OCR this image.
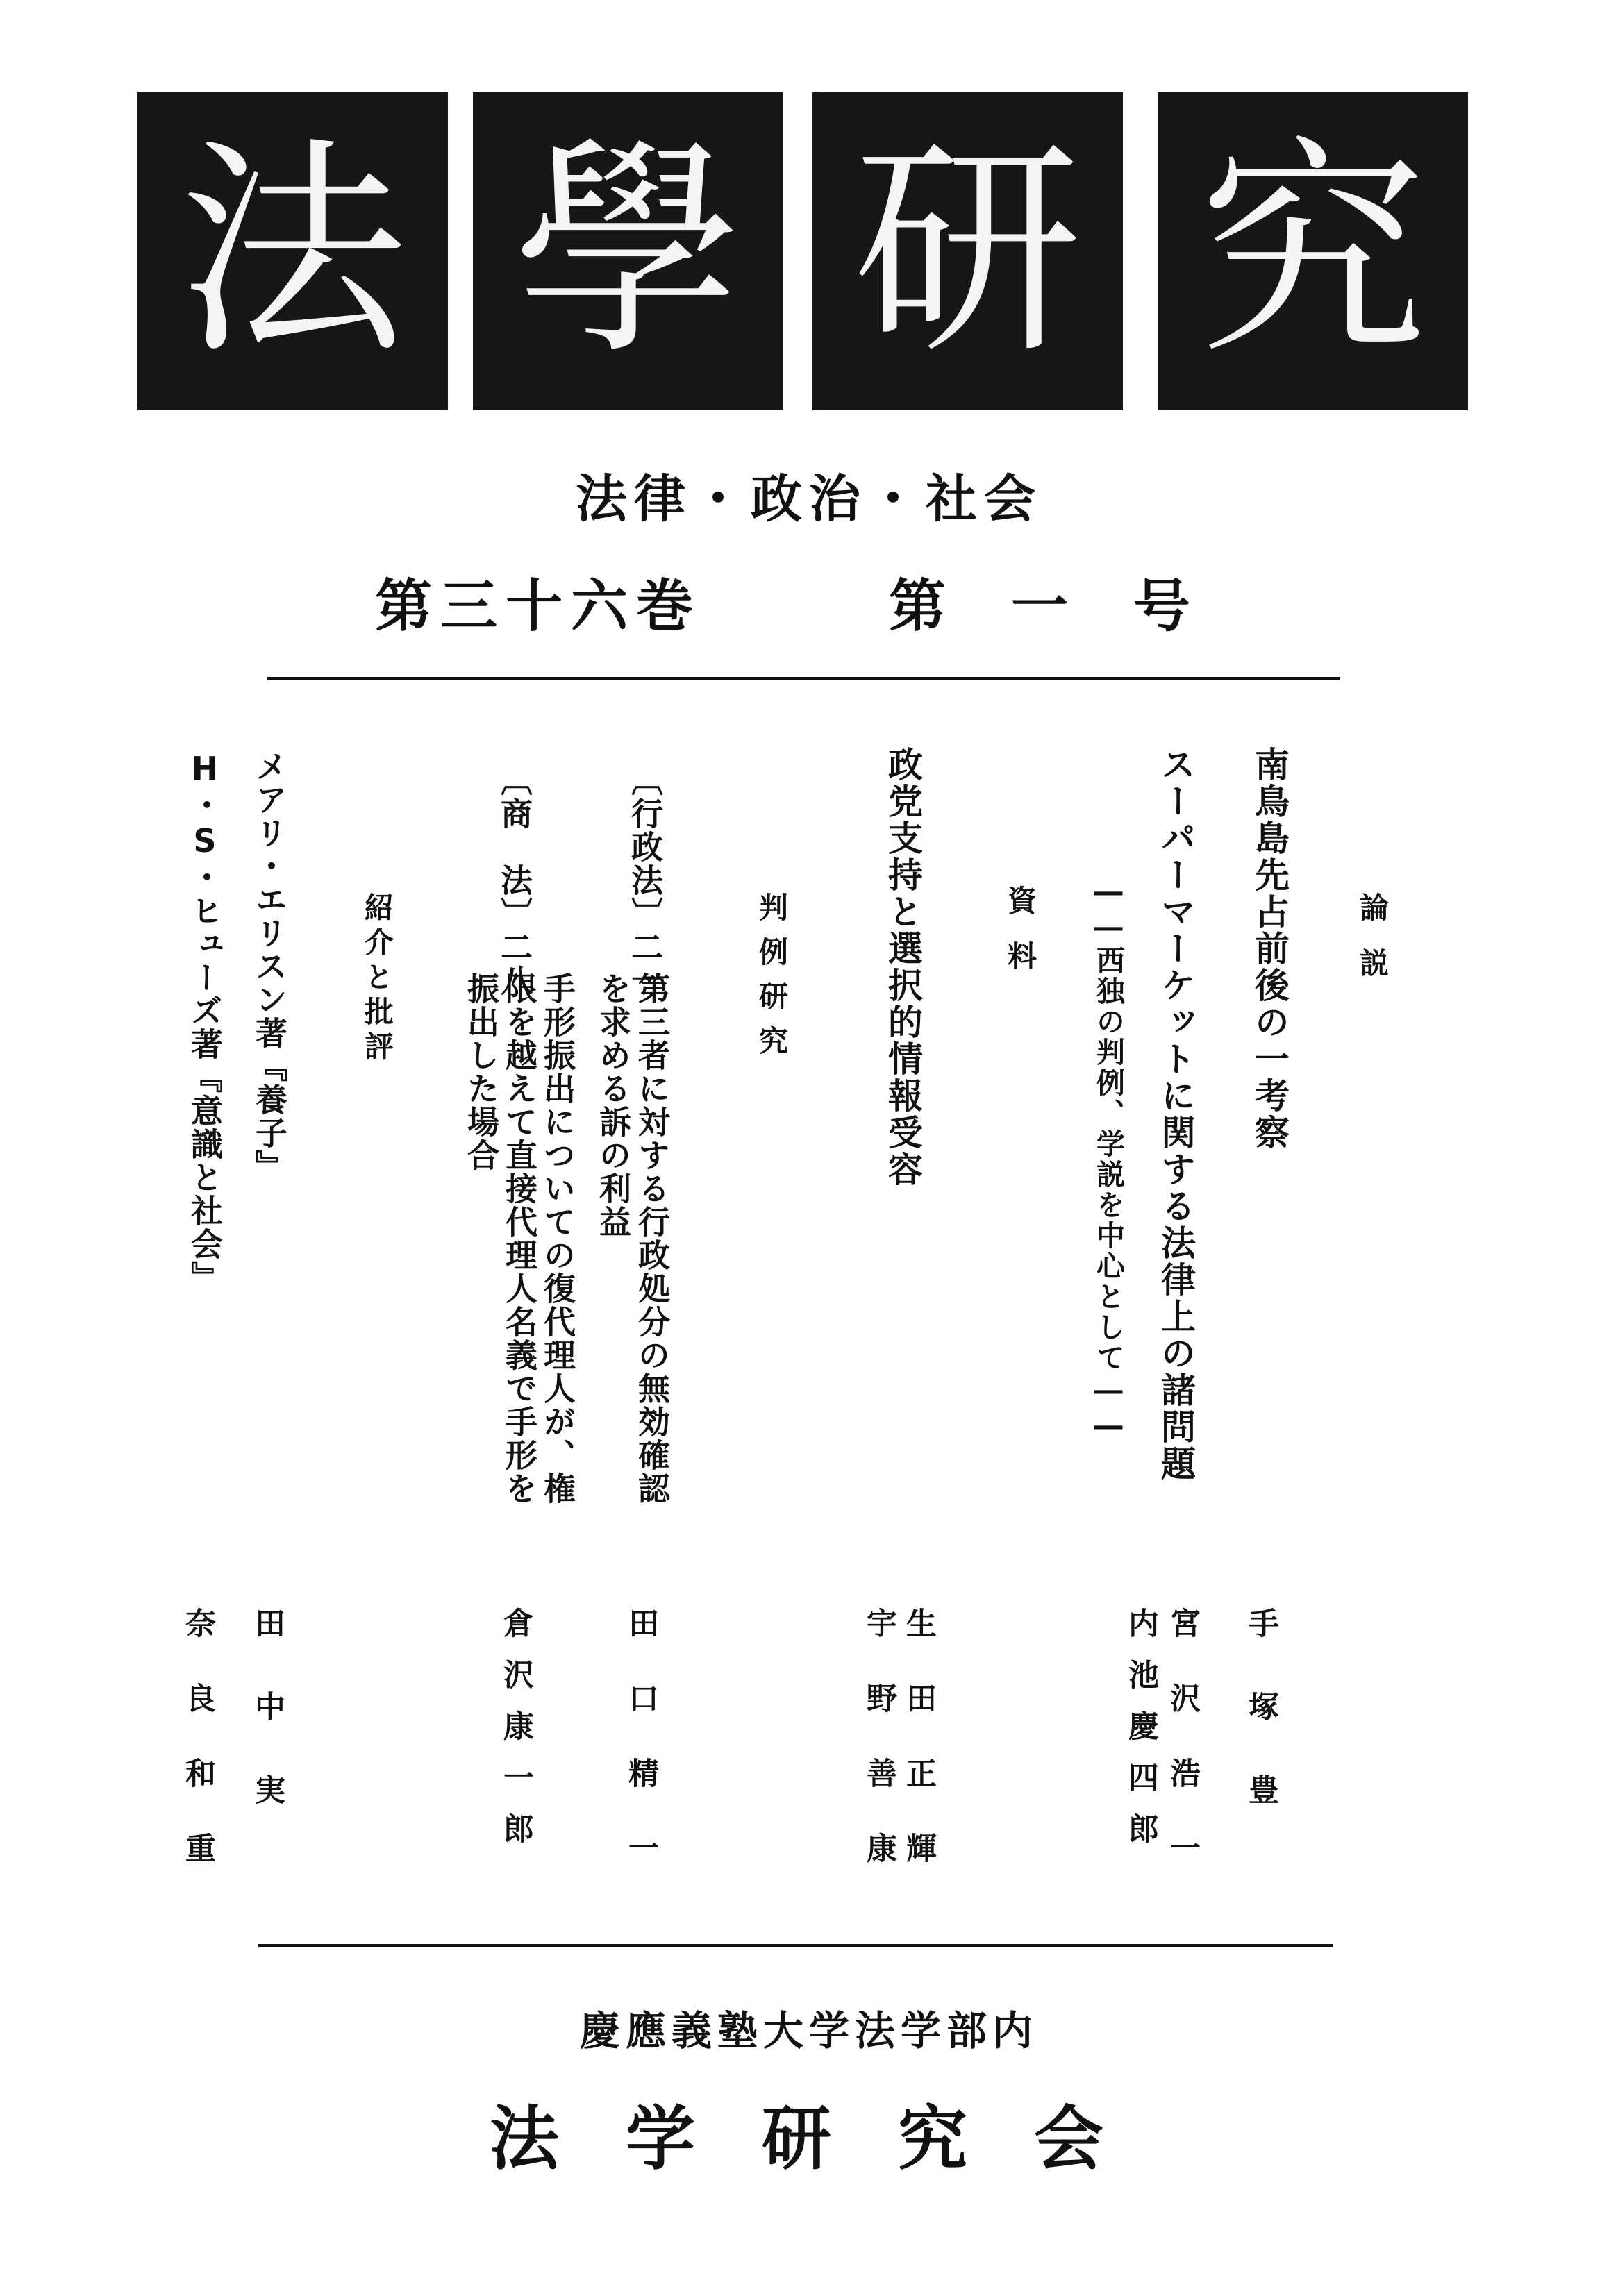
法 學 研 究
法律・政治・社会
第三十六巻	第　一　号
論説
南鳥島先占前後の一考察
スーパーマーケットに関する法律上の諸問題
――西独の判例、学説を中心として――
資料
政党支持と選択的情報受容
判例研究
〔行政法〕二一
第三者に対する行政処分の無効確認
を求める訴の利益
〔商　法〕二八
手形振出についての復代理人が、権
限を越えて直接代理人名義で手形を
振出した場合
紹介と批評
メアリ・エリスン著『養子』
H・S・ヒューズ著『意識と社会』
手塚豊
宮沢浩一
内池慶四郎
生田正輝
宇野善康
田口精一
倉沢康一郎
田中実
奈良和重
慶應義塾大学法学部内
法学研究会
